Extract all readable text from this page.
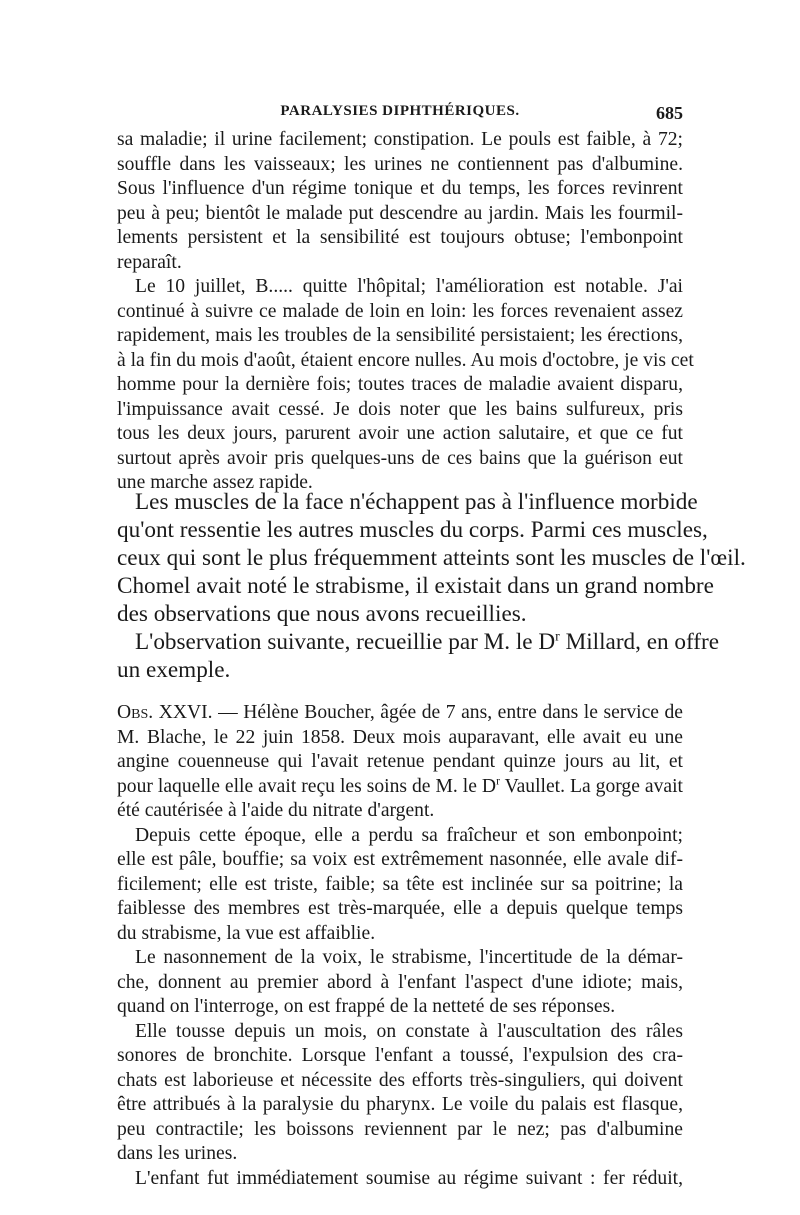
PARALYSIES DIPHTHÉRIQUES.	685
sa maladie; il urine facilement; constipation. Le pouls est faible, à 72;
souffle dans les vaisseaux; les urines ne contiennent pas d'albumine.
Sous l'influence d'un régime tonique et du temps, les forces revinrent
peu à peu; bientôt le malade put descendre au jardin. Mais les fourmil-
lements persistent et la sensibilité est toujours obtuse; l'embonpoint
reparaît.
Le 10 juillet, B..... quitte l'hôpital; l'amélioration est notable. J'ai
continué à suivre ce malade de loin en loin: les forces revenaient assez
rapidement, mais les troubles de la sensibilité persistaient; les érections,
à la fin du mois d'août, étaient encore nulles. Au mois d'octobre, je vis cet
homme pour la dernière fois; toutes traces de maladie avaient disparu,
l'impuissance avait cessé. Je dois noter que les bains sulfureux, pris
tous les deux jours, parurent avoir une action salutaire, et que ce fut
surtout après avoir pris quelques-uns de ces bains que la guérison eut
une marche assez rapide.
Les muscles de la face n'échappent pas à l'influence morbide
qu'ont ressentie les autres muscles du corps. Parmi ces muscles,
ceux qui sont le plus fréquemment atteints sont les muscles de l'œil.
Chomel avait noté le strabisme, il existait dans un grand nombre
des observations que nous avons recueillies.
L'observation suivante, recueillie par M. le $D^r$ Millard, en offre
un exemple.
Obs. XXVI. — Hélène Boucher, âgée de 7 ans, entre dans le service de
M. Blache, le 22 juin 1858. Deux mois auparavant, elle avait eu une
angine couenneuse qui l'avait retenue pendant quinze jours au lit, et
pour laquelle elle avait reçu les soins de M. le $D^r$ Vaullet. La gorge avait
été cautérisée à l'aide du nitrate d'argent.
Depuis cette époque, elle a perdu sa fraîcheur et son embonpoint;
elle est pâle, bouffie; sa voix est extrêmement nasonnée, elle avale dif-
ficilement; elle est triste, faible; sa tête est inclinée sur sa poitrine; la
faiblesse des membres est très-marquée, elle a depuis quelque temps
du strabisme, la vue est affaiblie.
Le nasonnement de la voix, le strabisme, l'incertitude de la démar-
che, donnent au premier abord à l'enfant l'aspect d'une idiote; mais,
quand on l'interroge, on est frappé de la netteté de ses réponses.
Elle tousse depuis un mois, on constate à l'auscultation des râles
sonores de bronchite. Lorsque l'enfant a toussé, l'expulsion des cra-
chats est laborieuse et nécessite des efforts très-singuliers, qui doivent
être attribués à la paralysie du pharynx. Le voile du palais est flasque,
peu contractile; les boissons reviennent par le nez; pas d'albumine
dans les urines.
L'enfant fut immédiatement soumise au régime suivant : fer réduit,
